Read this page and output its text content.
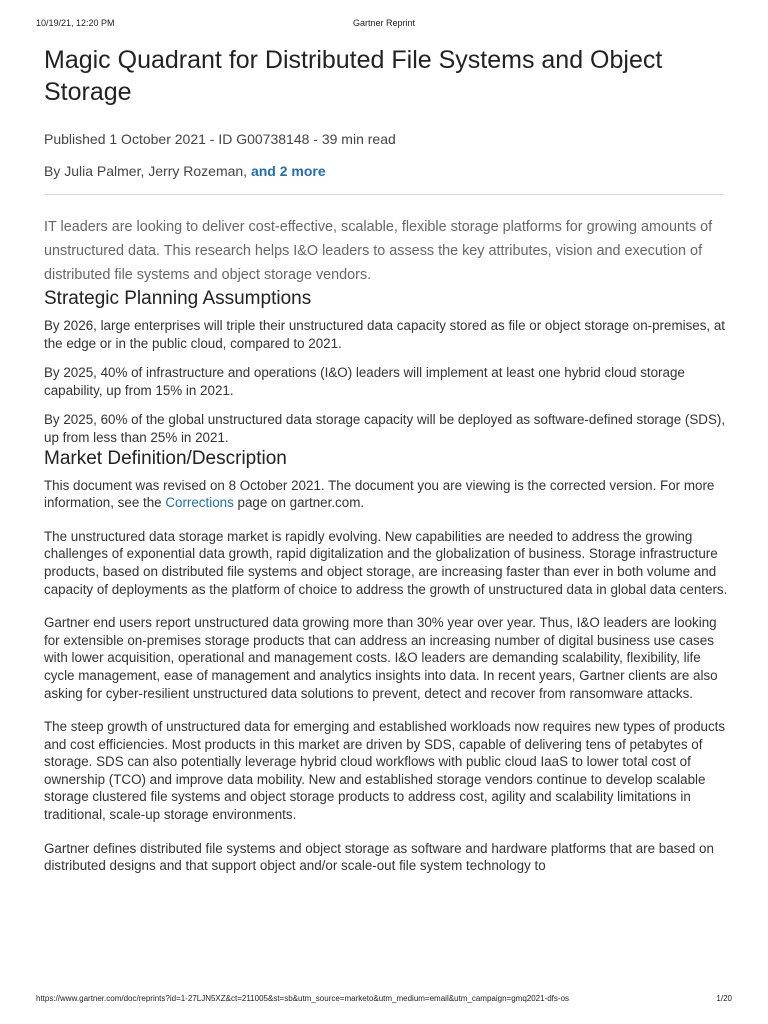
10/19/21, 12:20 PM	Gartner Reprint
Magic Quadrant for Distributed File Systems and Object Storage
Published 1 October 2021 - ID G00738148 - 39 min read
By Julia Palmer, Jerry Rozeman, and 2 more
IT leaders are looking to deliver cost-effective, scalable, flexible storage platforms for growing amounts of unstructured data. This research helps I&O leaders to assess the key attributes, vision and execution of distributed file systems and object storage vendors.
Strategic Planning Assumptions

By 2026, large enterprises will triple their unstructured data capacity stored as file or object storage on-premises, at the edge or in the public cloud, compared to 2021.

By 2025, 40% of infrastructure and operations (I&O) leaders will implement at least one hybrid cloud storage capability, up from 15% in 2021.

By 2025, 60% of the global unstructured data storage capacity will be deployed as software-defined storage (SDS), up from less than 25% in 2021.

Market Definition/Description

This document was revised on 8 October 2021. The document you are viewing is the corrected version. For more information, see the Corrections page on gartner.com.

The unstructured data storage market is rapidly evolving. New capabilities are needed to address the growing challenges of exponential data growth, rapid digitalization and the globalization of business. Storage infrastructure products, based on distributed file systems and object storage, are increasing faster than ever in both volume and capacity of deployments as the platform of choice to address the growth of unstructured data in global data centers.

Gartner end users report unstructured data growing more than 30% year over year. Thus, I&O leaders are looking for extensible on-premises storage products that can address an increasing number of digital business use cases with lower acquisition, operational and management costs. I&O leaders are demanding scalability, flexibility, life cycle management, ease of management and analytics insights into data. In recent years, Gartner clients are also asking for cyber-resilient unstructured data solutions to prevent, detect and recover from ransomware attacks.

The steep growth of unstructured data for emerging and established workloads now requires new types of products and cost efficiencies. Most products in this market are driven by SDS, capable of delivering tens of petabytes of storage. SDS can also potentially leverage hybrid cloud workflows with public cloud IaaS to lower total cost of ownership (TCO) and improve data mobility. New and established storage vendors continue to develop scalable storage clustered file systems and object storage products to address cost, agility and scalability limitations in traditional, scale-up storage environments.

Gartner defines distributed file systems and object storage as software and hardware platforms that are based on distributed designs and that support object and/or scale-out file system technology to

https://www.gartner.com/doc/reprints?id=1-27LJN5XZ&ct=211005&st=sb&utm_source=marketo&utm_medium=email&utm_campaign=gmq2021-dfs-os	1/20
